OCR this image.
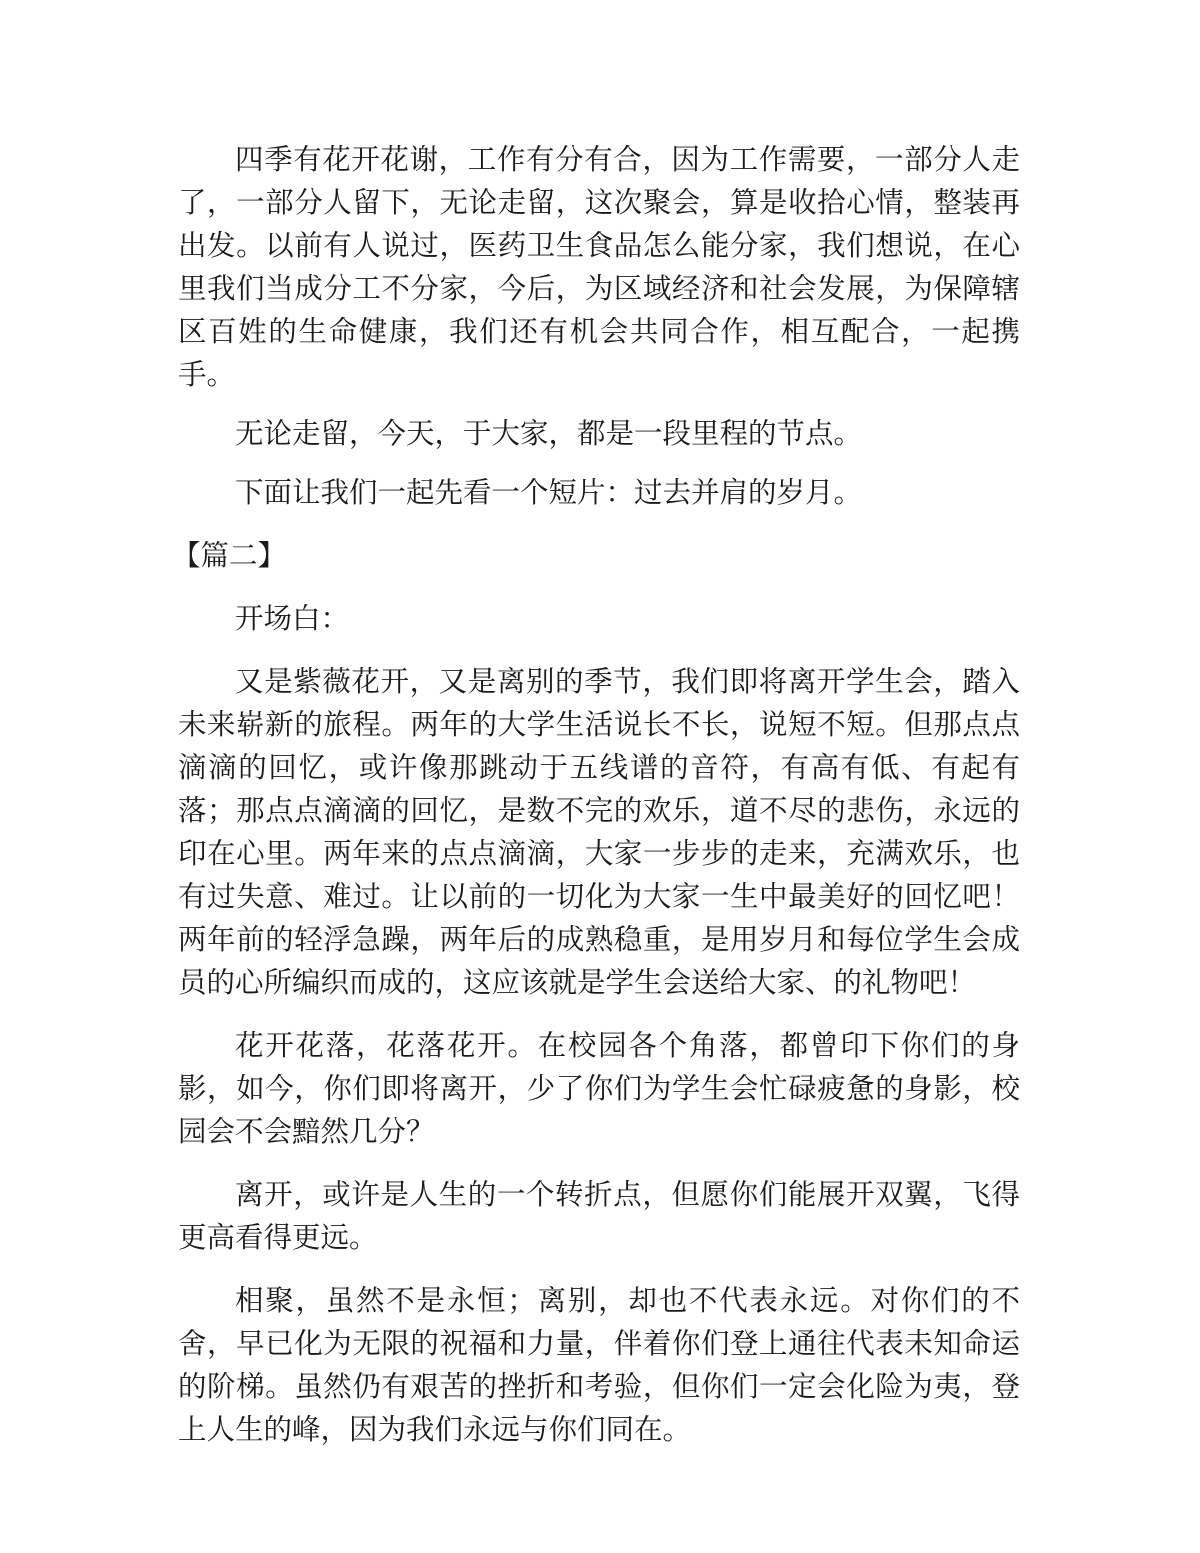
四季有花开花谢，工作有分有合，因为工作需要，一部分人走了，一部分人留下，无论走留，这次聚会，算是收拾心情，整装再出发。以前有人说过，医药卫生食品怎么能分家，我们想说，在心里我们当成分工不分家，今后，为区域经济和社会发展，为保障辖区百姓的生命健康，我们还有机会共同合作，相互配合，一起携手。

无论走留，今天，于大家，都是一段里程的节点。

下面让我们一起先看一个短片：过去并肩的岁月。

【篇二】

开场白：

又是紫薇花开，又是离别的季节，我们即将离开学生会，踏入未来崭新的旅程。两年的大学生活说长不长，说短不短。但那点点滴滴的回忆，或许像那跳动于五线谱的音符，有高有低、有起有落；那点点滴滴的回忆，是数不完的欢乐，道不尽的悲伤，永远的印在心里。两年来的点点滴滴，大家一步步的走来，充满欢乐，也有过失意、难过。让以前的一切化为大家一生中最美好的回忆吧！两年前的轻浮急躁，两年后的成熟稳重，是用岁月和每位学生会成员的心所编织而成的，这应该就是学生会送给大家、的礼物吧！

花开花落，花落花开。在校园各个角落，都曾印下你们的身影，如今，你们即将离开，少了你们为学生会忙碌疲惫的身影，校园会不会黯然几分？

离开，或许是人生的一个转折点，但愿你们能展开双翼，飞得更高看得更远。

相聚，虽然不是永恒；离别，却也不代表永远。对你们的不舍，早已化为无限的祝福和力量，伴着你们登上通往代表未知命运的阶梯。虽然仍有艰苦的挫折和考验，但你们一定会化险为夷，登上人生的峰，因为我们永远与你们同在。
